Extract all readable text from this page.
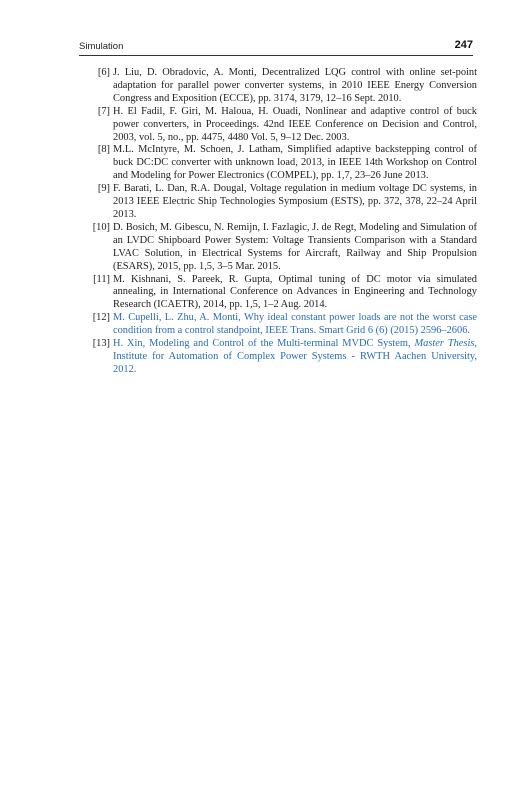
Simulation	247
[6] J. Liu, D. Obradovic, A. Monti, Decentralized LQG control with online set-point adaptation for parallel power converter systems, in 2010 IEEE Energy Conversion Congress and Exposition (ECCE), pp. 3174, 3179, 12–16 Sept. 2010.
[7] H. El Fadil, F. Giri, M. Haloua, H. Ouadi, Nonlinear and adaptive control of buck power converters, in Proceedings. 42nd IEEE Conference on Decision and Control, 2003, vol. 5, no., pp. 4475, 4480 Vol. 5, 9–12 Dec. 2003.
[8] M.L. McIntyre, M. Schoen, J. Latham, Simplified adaptive backstepping control of buck DC:DC converter with unknown load, 2013, in IEEE 14th Workshop on Control and Modeling for Power Electronics (COMPEL), pp. 1,7, 23–26 June 2013.
[9] F. Barati, L. Dan, R.A. Dougal, Voltage regulation in medium voltage DC systems, in 2013 IEEE Electric Ship Technologies Symposium (ESTS), pp. 372, 378, 22–24 April 2013.
[10] D. Bosich, M. Gibescu, N. Remijn, I. Fazlagic, J. de Regt, Modeling and Simulation of an LVDC Shipboard Power System: Voltage Transients Comparison with a Standard LVAC Solution, in Electrical Systems for Aircraft, Railway and Ship Propulsion (ESARS), 2015, pp. 1,5, 3–5 Mar. 2015.
[11] M. Kishnani, S. Pareek, R. Gupta, Optimal tuning of DC motor via simulated annealing, in International Conference on Advances in Engineering and Technology Research (ICAETR), 2014, pp. 1,5, 1–2 Aug. 2014.
[12] M. Cupelli, L. Zhu, A. Monti, Why ideal constant power loads are not the worst case condition from a control standpoint, IEEE Trans. Smart Grid 6 (6) (2015) 2596–2606.
[13] H. Xin, Modeling and Control of the Multi-terminal MVDC System, Master Thesis, Institute for Automation of Complex Power Systems - RWTH Aachen University, 2012.
